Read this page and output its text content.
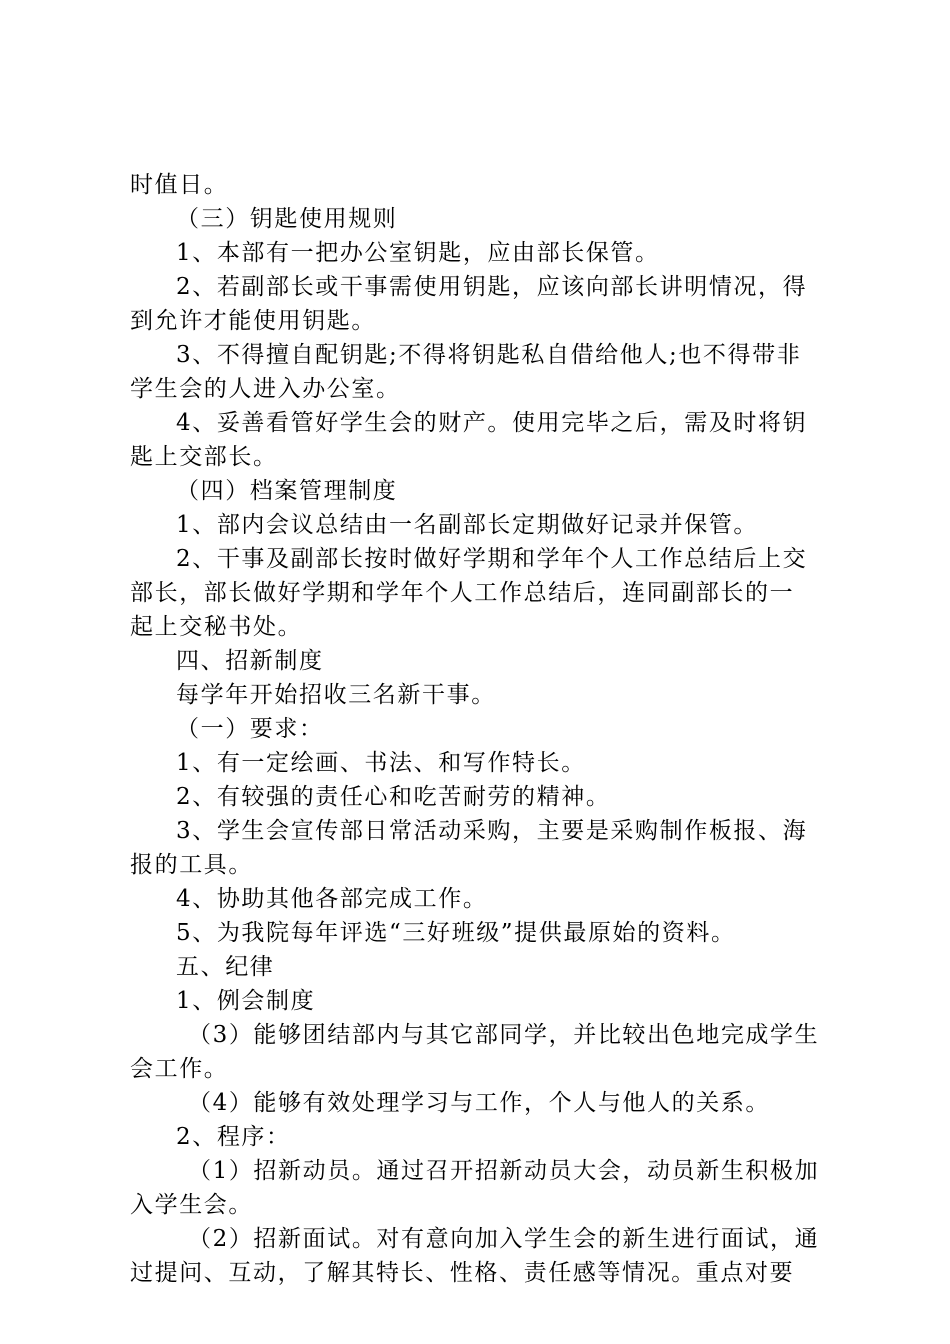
时值日。
（三）钥匙使用规则
1、本部有一把办公室钥匙，应由部长保管。
2、若副部长或干事需使用钥匙，应该向部长讲明情况，得
到允许才能使用钥匙。
3、不得擅自配钥匙;不得将钥匙私自借给他人;也不得带非
学生会的人进入办公室。
4、妥善看管好学生会的财产。使用完毕之后，需及时将钥
匙上交部长。
（四）档案管理制度
1、部内会议总结由一名副部长定期做好记录并保管。
2、干事及副部长按时做好学期和学年个人工作总结后上交
部长，部长做好学期和学年个人工作总结后，连同副部长的一
起上交秘书处。
四、招新制度
每学年开始招收三名新干事。
（一）要求：
1、有一定绘画、书法、和写作特长。
2、有较强的责任心和吃苦耐劳的精神。
3、学生会宣传部日常活动采购，主要是采购制作板报、海
报的工具。
4、协助其他各部完成工作。
5、为我院每年评选“三好班级”提供最原始的资料。
五、纪律
1、例会制度
（3）能够团结部内与其它部同学，并比较出色地完成学生
会工作。
（4）能够有效处理学习与工作，个人与他人的关系。
2、程序：
（1）招新动员。通过召开招新动员大会，动员新生积极加
入学生会。
（2）招新面试。对有意向加入学生会的新生进行面试，通
过提问、互动，了解其特长、性格、责任感等情况。重点对要
